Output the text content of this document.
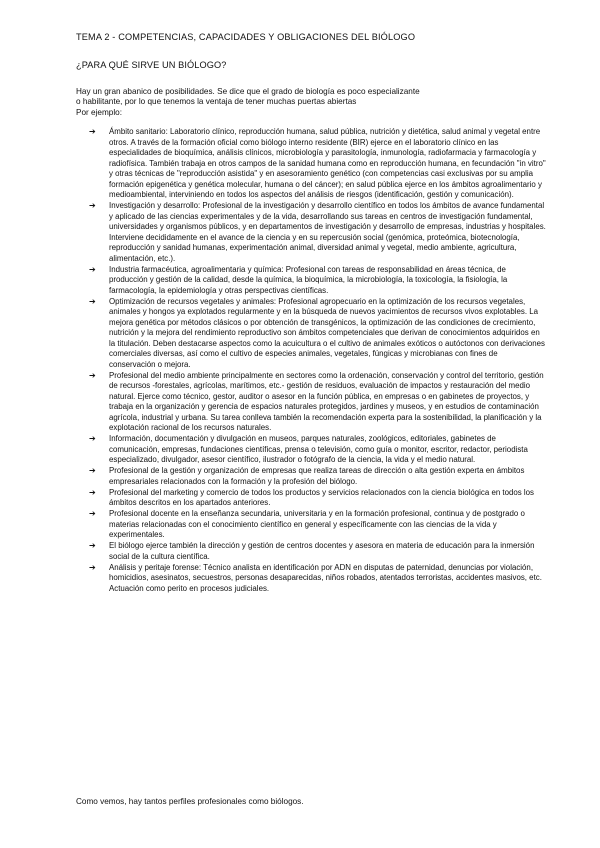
TEMA 2 - COMPETENCIAS, CAPACIDADES Y OBLIGACIONES DEL BIÓLOGO
¿PARA QUÉ SIRVE UN BIÓLOGO?

Hay un gran abanico de posibilidades. Se dice que el grado de biología es poco especializante

o habilitante, por lo que tenemos la ventaja de tener muchas puertas abiertas

Por ejemplo:

➔ Ámbito sanitario: Laboratorio clínico, reproducción humana, salud pública, nutrición y dietética, salud animal y vegetal entre otros. A través de la formación oficial como biólogo interno residente (BIR) ejerce en el laboratorio clínico en las especialidades de bioquímica, análisis clínicos, microbiología y parasitología, inmunología, radiofarmacia y farmacología y radiofísica. También trabaja en otros campos de la sanidad humana como en reproducción humana, en fecundación "in vitro" y otras técnicas de "reproducción asistida" y en asesoramiento genético (con competencias casi exclusivas por su amplia formación epigenética y genética molecular, humana o del cáncer); en salud pública ejerce en los ámbitos agroalimentario y medioambiental, interviniendo en todos los aspectos del análisis de riesgos (identificación, gestión y comunicación).
➔ Investigación y desarrollo: Profesional de la investigación y desarrollo científico en todos los ámbitos de avance fundamental y aplicado de las ciencias experimentales y de la vida, desarrollando sus tareas en centros de investigación fundamental, universidades y organismos públicos, y en departamentos de investigación y desarrollo de empresas, industrias y hospitales. Interviene decididamente en el avance de la ciencia y en su repercusión social (genómica, proteómica, biotecnología, reproducción y sanidad humanas, experimentación animal, diversidad animal y vegetal, medio ambiente, agricultura, alimentación, etc.).
➔ Industria farmacéutica, agroalimentaria y química: Profesional con tareas de responsabilidad en áreas técnica, de producción y gestión de la calidad, desde la química, la bioquímica, la microbiología, la toxicología, la fisiología, la farmacología, la epidemiología y otras perspectivas científicas.
➔ Optimización de recursos vegetales y animales: Profesional agropecuario en la optimización de los recursos vegetales, animales y hongos ya explotados regularmente y en la búsqueda de nuevos yacimientos de recursos vivos explotables. La mejora genética por métodos clásicos o por obtención de transgénicos, la optimización de las condiciones de crecimiento, nutrición y la mejora del rendimiento reproductivo son ámbitos competenciales que derivan de conocimientos adquiridos en la titulación. Deben destacarse aspectos como la acuicultura o el cultivo de animales exóticos o autóctonos con derivaciones comerciales diversas, así como el cultivo de especies animales, vegetales, fúngicas y microbianas con fines de conservación o mejora.
➔ Profesional del medio ambiente principalmente en sectores como la ordenación, conservación y control del territorio, gestión de recursos -forestales, agrícolas, marítimos, etc.- gestión de residuos, evaluación de impactos y restauración del medio natural. Ejerce como técnico, gestor, auditor o asesor en la función pública, en empresas o en gabinetes de proyectos, y trabaja en la organización y gerencia de espacios naturales protegidos, jardines y museos, y en estudios de contaminación agrícola, industrial y urbana. Su tarea conlleva también la recomendación experta para la sostenibilidad, la planificación y la explotación racional de los recursos naturales.
➔ Información, documentación y divulgación en museos, parques naturales, zoológicos, editoriales, gabinetes de comunicación, empresas, fundaciones científicas, prensa o televisión, como guía o monitor, escritor, redactor, periodista especializado, divulgador, asesor científico, ilustrador o fotógrafo de la ciencia, la vida y el medio natural.
➔ Profesional de la gestión y organización de empresas que realiza tareas de dirección o alta gestión experta en ámbitos empresariales relacionados con la formación y la profesión del biólogo.
➔ Profesional del marketing y comercio de todos los productos y servicios relacionados con la ciencia biológica en todos los ámbitos descritos en los apartados anteriores.
➔ Profesional docente en la enseñanza secundaria, universitaria y en la formación profesional, continua y de postgrado o materias relacionadas con el conocimiento científico en general y específicamente con las ciencias de la vida y experimentales.
➔ El biólogo ejerce también la dirección y gestión de centros docentes y asesora en materia de educación para la inmersión social de la cultura científica.
➔ Análisis y peritaje forense: Técnico analista en identificación por ADN en disputas de paternidad, denuncias por violación, homicidios, asesinatos, secuestros, personas desaparecidas, niños robados, atentados terroristas, accidentes masivos, etc. Actuación como perito en procesos judiciales.
Como vemos, hay tantos perfiles profesionales como biólogos.
